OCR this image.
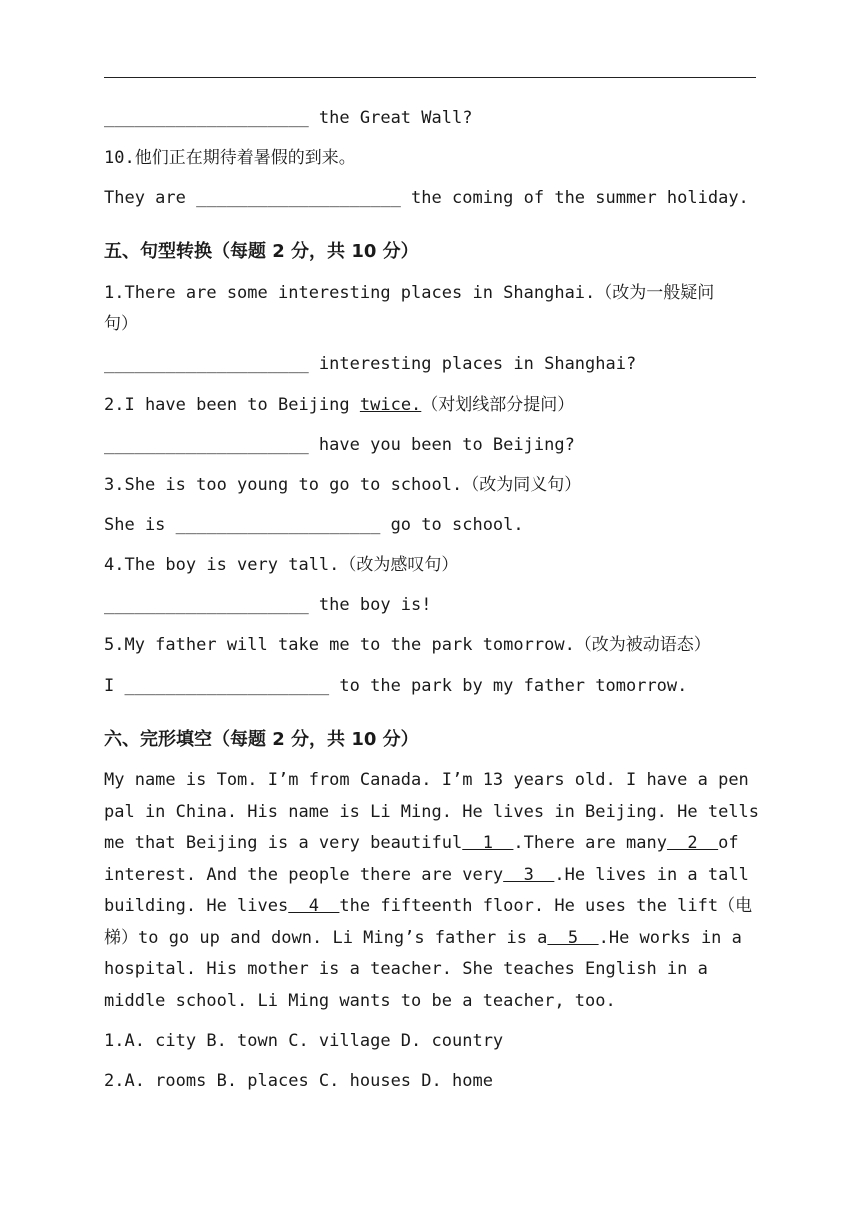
____________________ the Great Wall?
10.他们正在期待着暑假的到来。
They are ____________________ the coming of the summer holiday.
五、句型转换（每题 2 分，共 10 分）
1.There are some interesting places in Shanghai.（改为一般疑问
句）
____________________ interesting places in Shanghai?
2.I have been to Beijing twice.（对划线部分提问）
____________________ have you been to Beijing?
3.She is too young to go to school.（改为同义句）
She is ____________________ go to school.
4.The boy is very tall.（改为感叹句）
____________________ the boy is!
5.My father will take me to the park tomorrow.（改为被动语态）
I ____________________ to the park by my father tomorrow.
六、完形填空（每题 2 分，共 10 分）
My name is Tom. I’m from Canada. I’m 13 years old. I have a pen pal in China. His name is Li Ming. He lives in Beijing. He tells me that Beijing is a very beautiful  1  .There are many  2  of interest. And the people there are very  3  .He lives in a tall building. He lives  4  the fifteenth floor. He uses the lift（电梯）to go up and down. Li Ming’s father is a  5  .He works in a hospital. His mother is a teacher. She teaches English in a middle school. Li Ming wants to be a teacher, too.
1.A. city B. town C. village D. country
2.A. rooms B. places C. houses D. home
